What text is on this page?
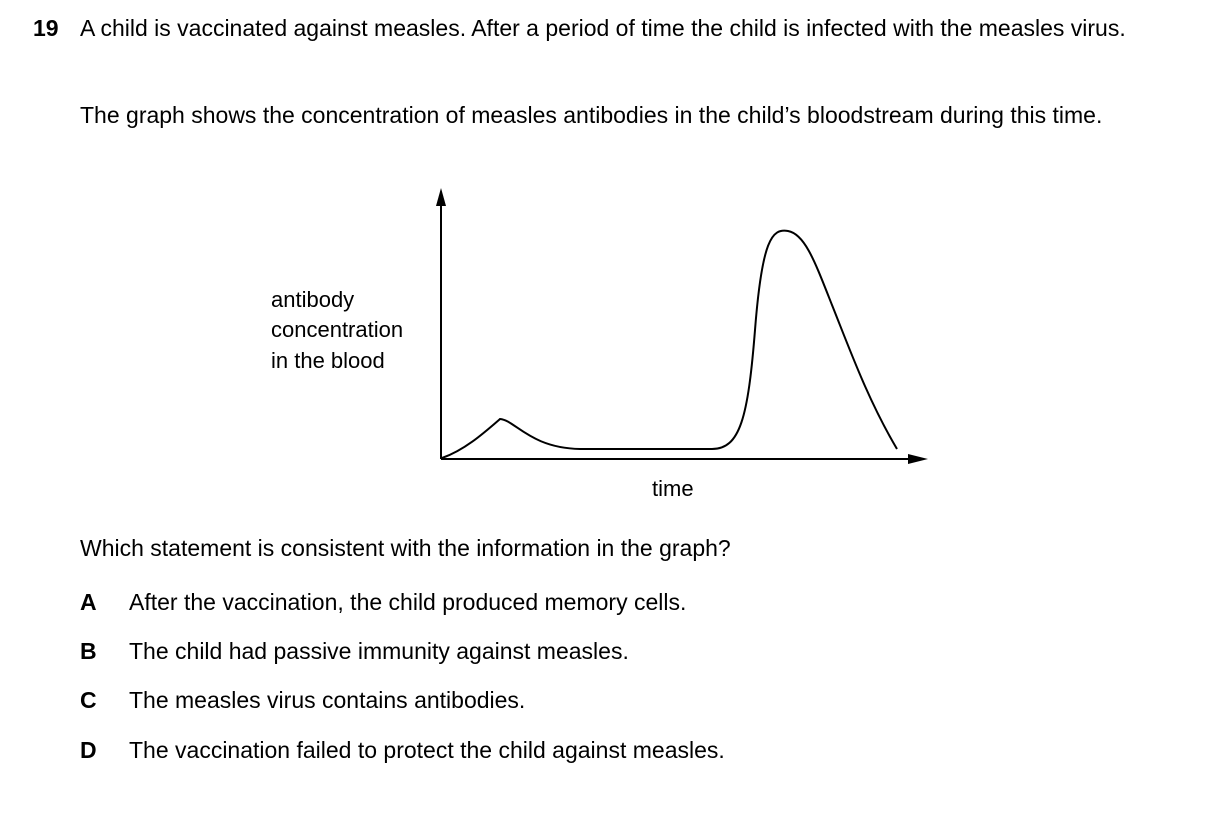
19 A child is vaccinated against measles. After a period of time the child is infected with the measles virus.
The graph shows the concentration of measles antibodies in the child’s bloodstream during this time.
antibody
concentration
in the blood
time
Which statement is consistent with the information in the graph?
A After the vaccination, the child produced memory cells.
B The child had passive immunity against measles.
C The measles virus contains antibodies.
D The vaccination failed to protect the child against measles.
